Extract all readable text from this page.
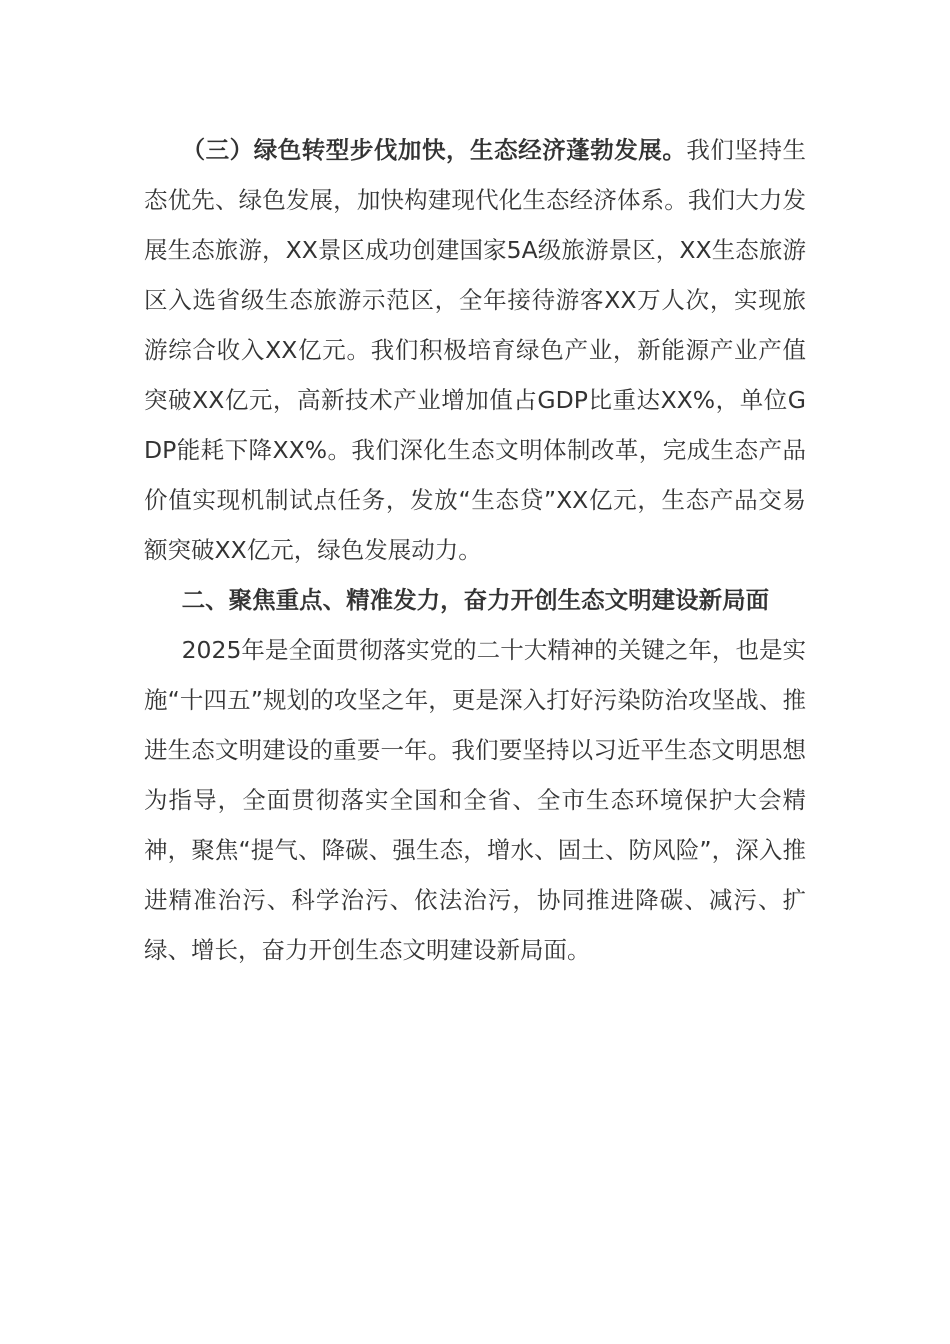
（三）绿色转型步伐加快，生态经济蓬勃发展。我们坚持生态优先、绿色发展，加快构建现代化生态经济体系。我们大力发展生态旅游，XX景区成功创建国家5A级旅游景区，XX生态旅游区入选省级生态旅游示范区，全年接待游客XX万人次，实现旅游综合收入XX亿元。我们积极培育绿色产业，新能源产业产值突破XX亿元，高新技术产业增加值占GDP比重达XX%，单位GDP能耗下降XX%。我们深化生态文明体制改革，完成生态产品价值实现机制试点任务，发放“生态贷”XX亿元，生态产品交易额突破XX亿元，绿色发展动力。

二、聚焦重点、精准发力，奋力开创生态文明建设新局面

2025年是全面贯彻落实党的二十大精神的关键之年，也是实施“十四五”规划的攻坚之年，更是深入打好污染防治攻坚战、推进生态文明建设的重要一年。我们要坚持以习近平生态文明思想为指导，全面贯彻落实全国和全省、全市生态环境保护大会精神，聚焦“提气、降碳、强生态，增水、固土、防风险”，深入推进精准治污、科学治污、依法治污，协同推进降碳、减污、扩绿、增长，奋力开创生态文明建设新局面。
